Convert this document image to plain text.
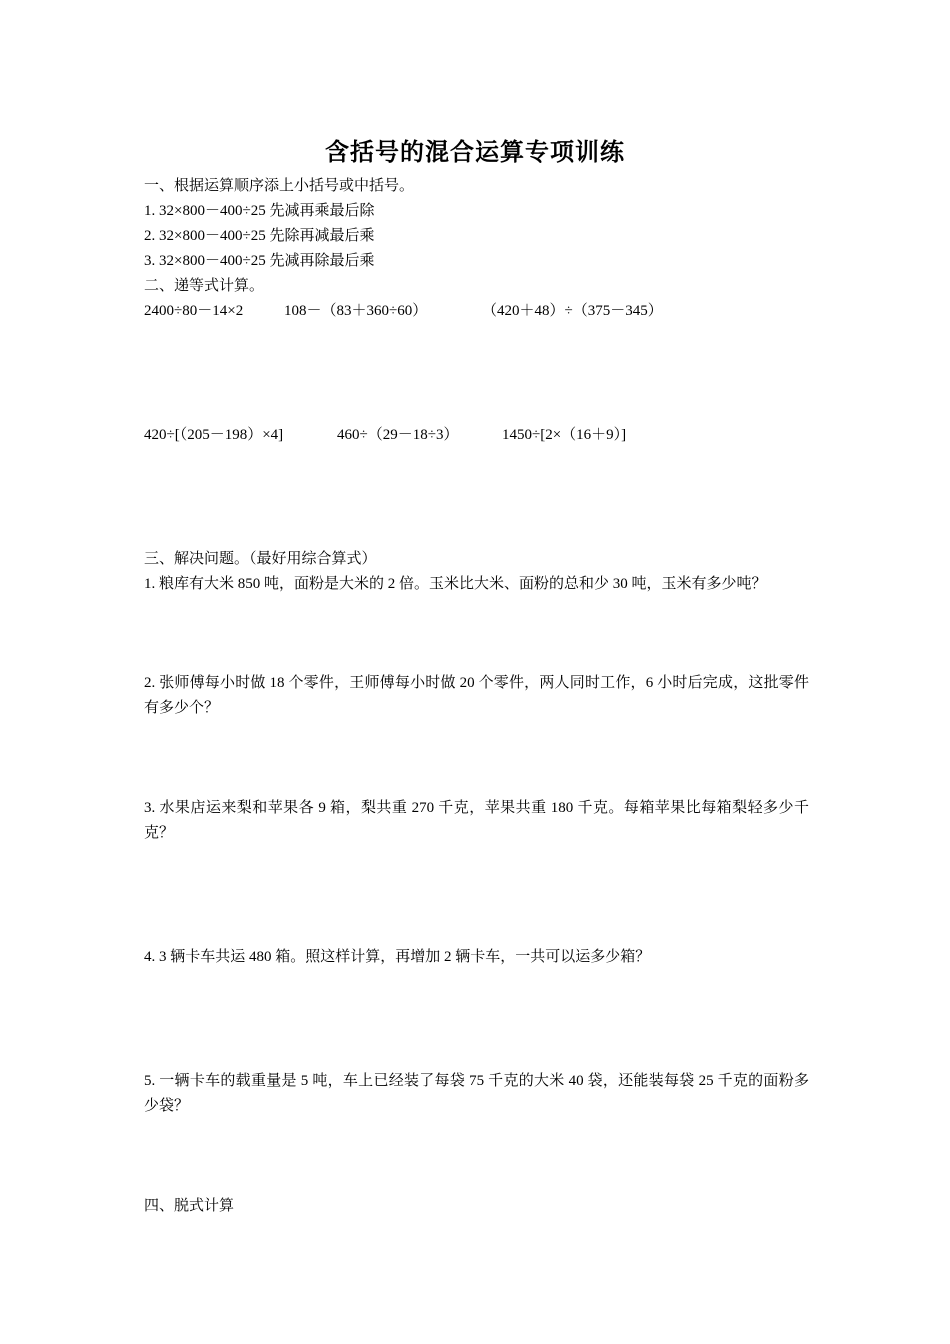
含括号的混合运算专项训练
一、根据运算顺序添上小括号或中括号。
1. 32×800－400÷25 先减再乘最后除
2. 32×800－400÷25 先除再减最后乘
3. 32×800－400÷25 先减再除最后乘
二、递等式计算。
2400÷80－14×2	108－（83＋360÷60）	（420＋48）÷（375－345）
420÷[（205－198）×4]	460÷（29－18÷3）	1450÷[2×（16＋9）]
三、解决问题。（最好用综合算式）
1. 粮库有大米 850 吨，面粉是大米的 2 倍。玉米比大米、面粉的总和少 30 吨，玉米有多少吨？
2. 张师傅每小时做 18 个零件，王师傅每小时做 20 个零件，两人同时工作，6 小时后完成，这批零件有多少个？
3. 水果店运来梨和苹果各 9 箱，梨共重 270 千克，苹果共重 180 千克。每箱苹果比每箱梨轻多少千克？
4. 3 辆卡车共运 480 箱。照这样计算，再增加 2 辆卡车，一共可以运多少箱？
5. 一辆卡车的载重量是 5 吨，车上已经装了每袋 75 千克的大米 40 袋，还能装每袋 25 千克的面粉多少袋？
四、脱式计算
